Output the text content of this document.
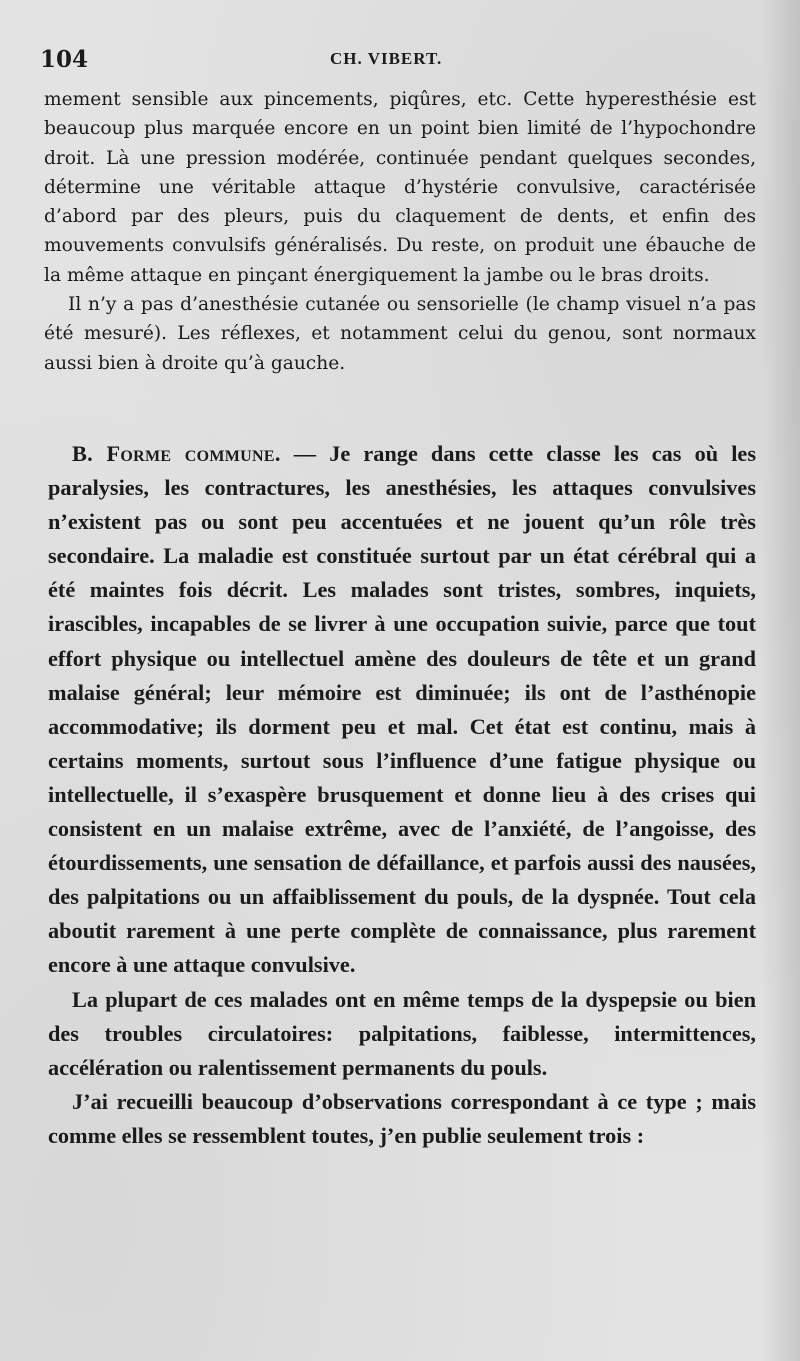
104	CH. VIBERT.

mement sensible aux pincements, piqûres, etc. Cette hyperesthésie est beaucoup plus marquée encore en un point bien limité de l’hypochondre droit. Là une pression modérée, continuée pendant quelques secondes, détermine une véritable attaque d’hystérie convulsive, caractérisée d’abord par des pleurs, puis du claquement de dents, et enfin des mouvements convulsifs généralisés. Du reste, on produit une ébauche de la même attaque en pinçant énergiquement la jambe ou le bras droits.

Il n’y a pas d’anesthésie cutanée ou sensorielle (le champ visuel n’a pas été mesuré). Les réflexes, et notamment celui du genou, sont normaux aussi bien à droite qu’à gauche.

B. Forme commune. — Je range dans cette classe les cas où les paralysies, les contractures, les anesthésies, les attaques convulsives n’existent pas ou sont peu accentuées et ne jouent qu’un rôle très secondaire. La maladie est constituée surtout par un état cérébral qui a été maintes fois décrit. Les malades sont tristes, sombres, inquiets, irascibles, incapables de se livrer à une occupation suivie, parce que tout effort physique ou intellectuel amène des douleurs de tête et un grand malaise général; leur mémoire est diminuée; ils ont de l’asthénopie accommodative; ils dorment peu et mal. Cet état est continu, mais à certains moments, surtout sous l’influence d’une fatigue physique ou intellectuelle, il s’exaspère brusquement et donne lieu à des crises qui consistent en un malaise extrême, avec de l’anxiété, de l’angoisse, des étourdissements, une sensation de défaillance, et parfois aussi des nausées, des palpitations ou un affaiblissement du pouls, de la dyspnée. Tout cela aboutit rarement à une perte complète de connaissance, plus rarement encore à une attaque convulsive.

La plupart de ces malades ont en même temps de la dyspepsie ou bien des troubles circulatoires: palpitations, faiblesse, intermittences, accélération ou ralentissement permanents du pouls.

J’ai recueilli beaucoup d’observations correspondant à ce type ; mais comme elles se ressemblent toutes, j’en publie seulement trois :
